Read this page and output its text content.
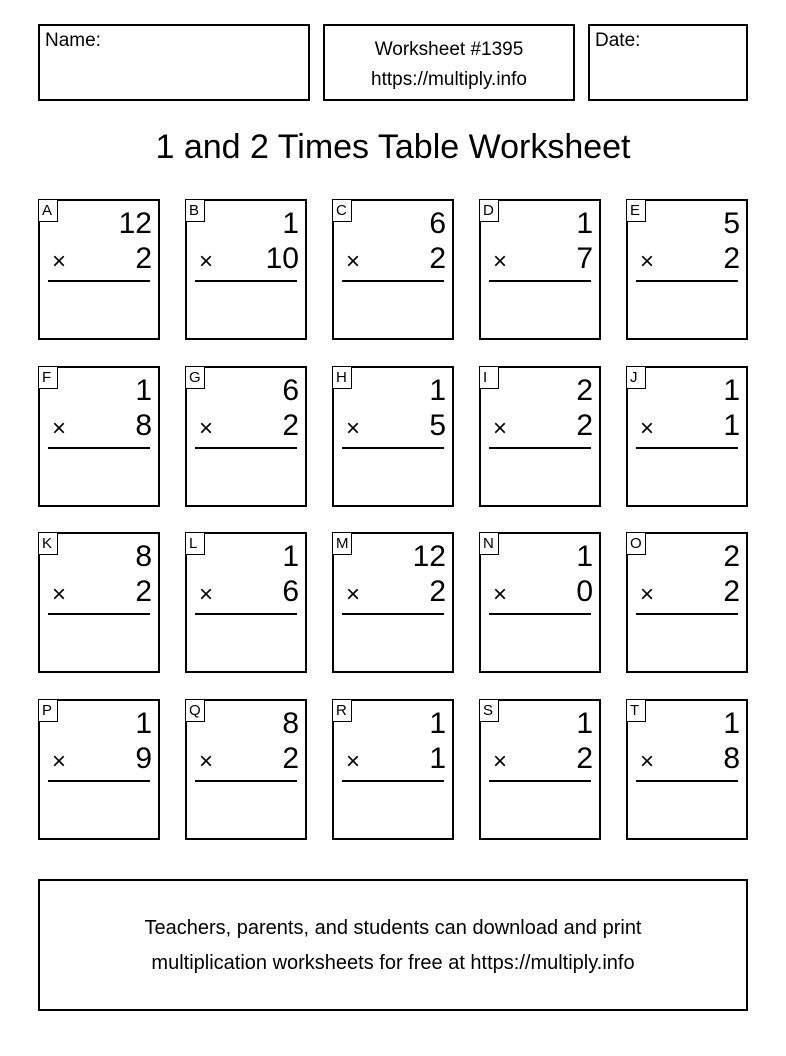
Name:	Worksheet #1395
https://multiply.info
Date:
1 and 2 Times Table Worksheet
A 12
× 2
B	1
× 10
C	6
× 2
D	1
× 7
E	5
× 2
F	1
× 8
G	6
× 2
H	1
× 5
I	2
× 2
J	1
× 1
K	8
× 2
L	1
× 6
M 12
× 2
N	1
× 0
O	2
× 2
P	1
× 9
Q	8
× 2
R	1
× 1
S	1
× 2
T	1
× 8
Teachers, parents, and students can download and print
multiplication worksheets for free at https://multiply.info
